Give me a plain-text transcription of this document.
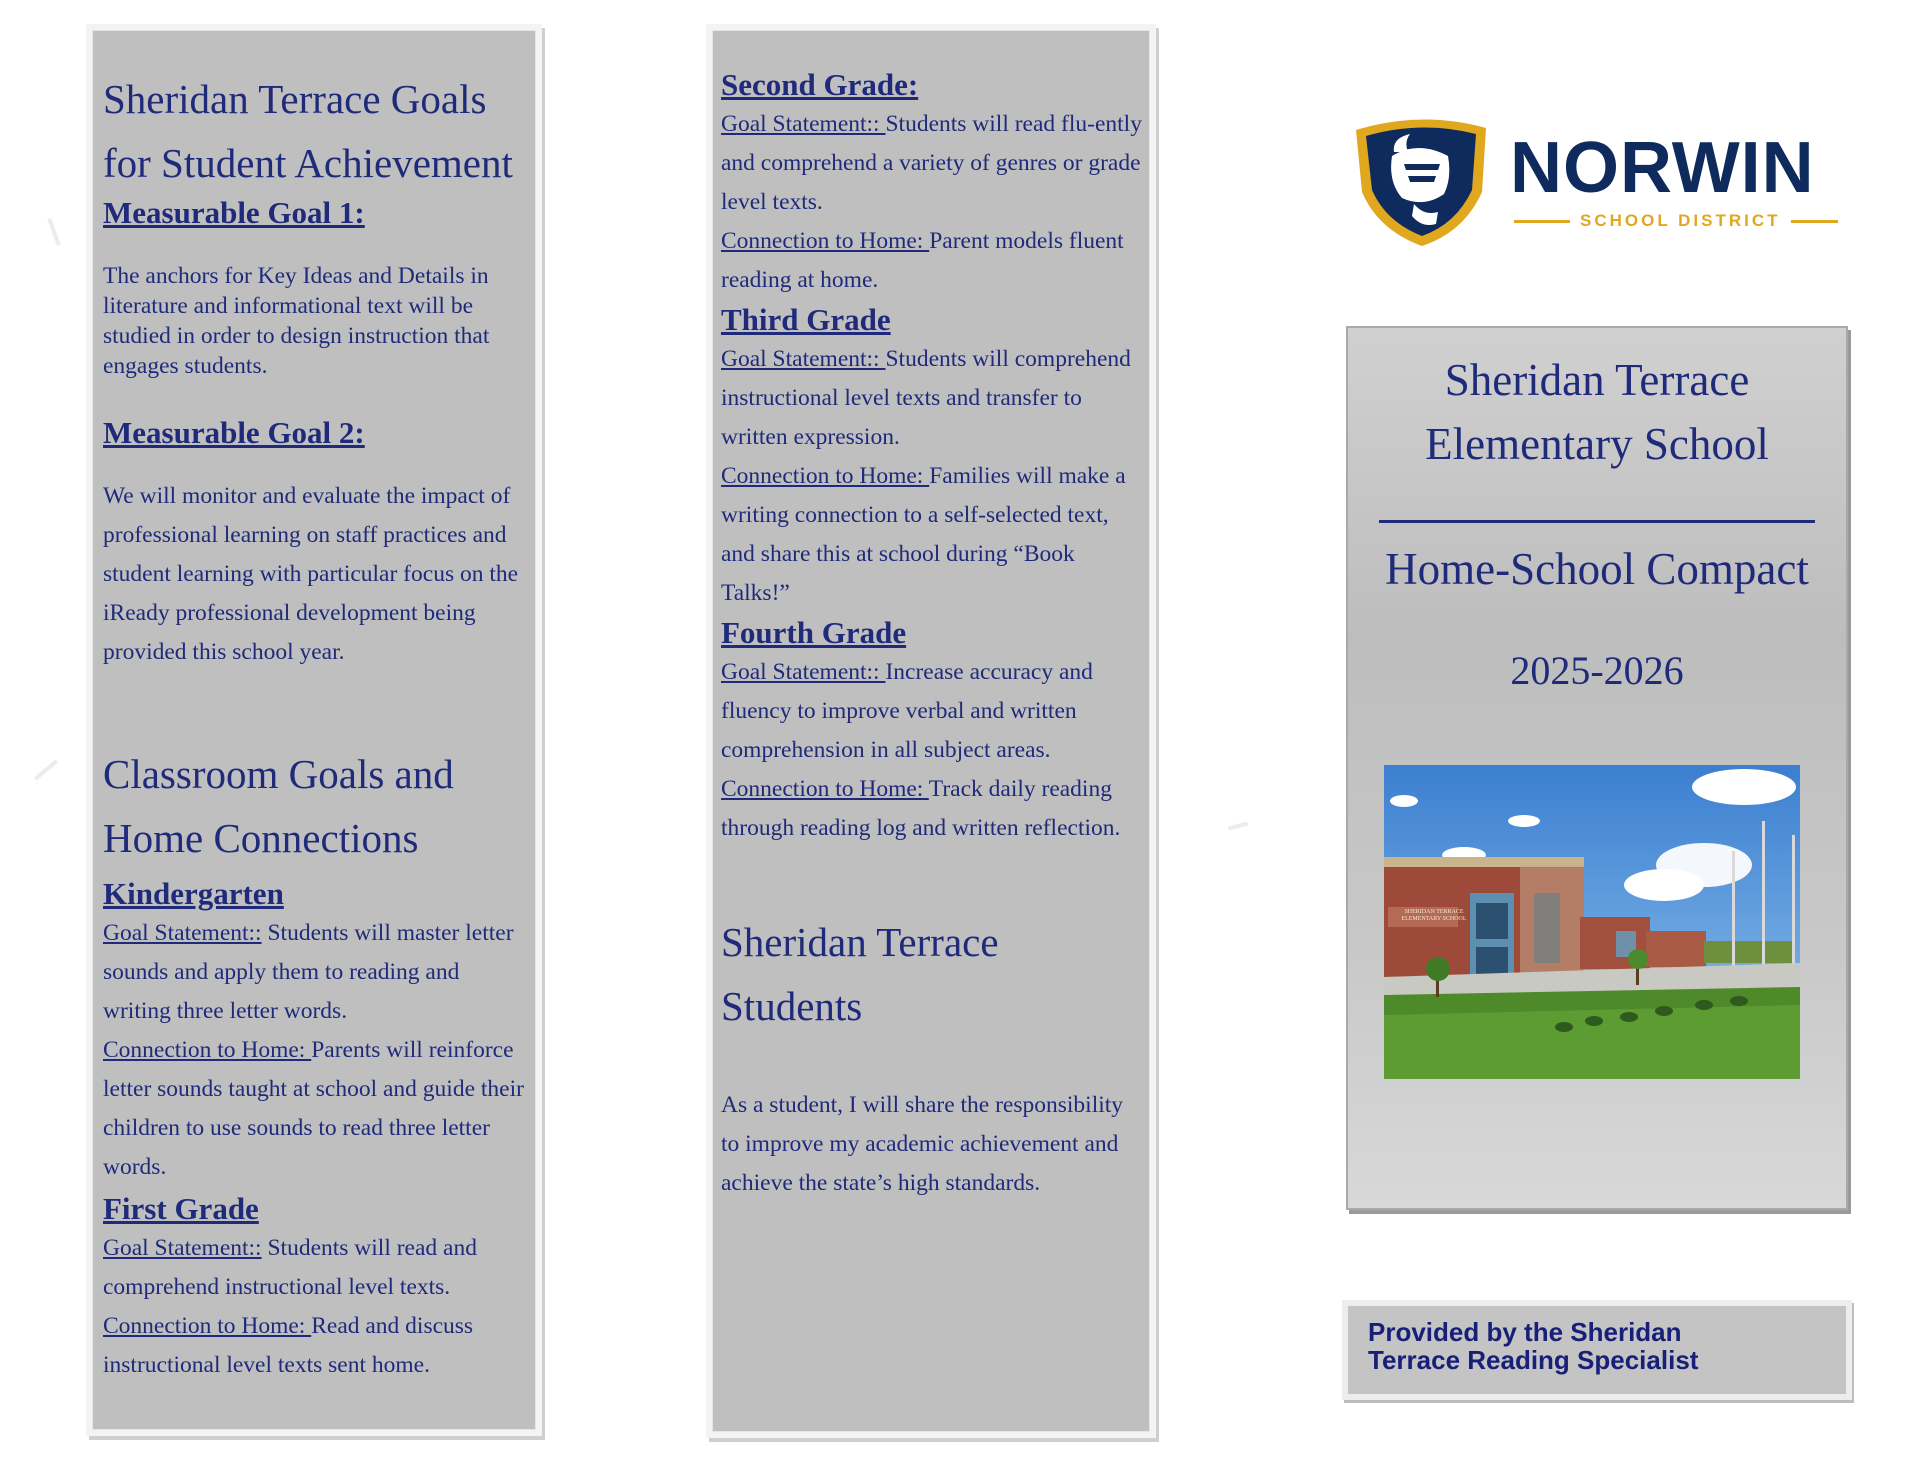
Sheridan Terrace Goals for Student Achievement
Measurable Goal 1:

The anchors for Key Ideas and Details in literature and informational text will be studied in order to design instruction that engages students.

Measurable Goal 2:

We will monitor and evaluate the impact of professional learning on staff practices and student learning with particular focus on the iReady professional development being provided this school year.

Classroom Goals and Home Connections
Kindergarten

Goal Statement:: Students will master letter sounds and apply them to reading and writing three letter words.
Connection to Home: Parents will reinforce letter sounds taught at school and guide their children to use sounds to read three letter words.

First Grade

Goal Statement:: Students will read and comprehend instructional level texts.
Connection to Home: Read and discuss instructional level texts sent home.

Second Grade:

Goal Statement:: Students will read flu-ently and comprehend a variety of genres or grade level texts.
Connection to Home: Parent models fluent reading at home.

Third Grade

Goal Statement:: Students will comprehend instructional level texts and transfer to written expression.
Connection to Home: Families will make a writing connection to a self-selected text, and share this at school during “Book Talks!”

Fourth Grade

Goal Statement:: Increase accuracy and fluency to improve verbal and written comprehension in all subject areas.
Connection to Home: Track daily reading through reading log and written reflection.

Sheridan Terrace Students

As a student, I will share the responsibility to improve my academic achievement and achieve the state’s high standards.

NORWIN
SCHOOL DISTRICT
Sheridan Terrace
Elementary School
Home-School Compact
2025-2026
SHERIDAN TERRACE ELEMENTARY SCHOOL
Provided by the Sheridan
Terrace Reading Specialist
